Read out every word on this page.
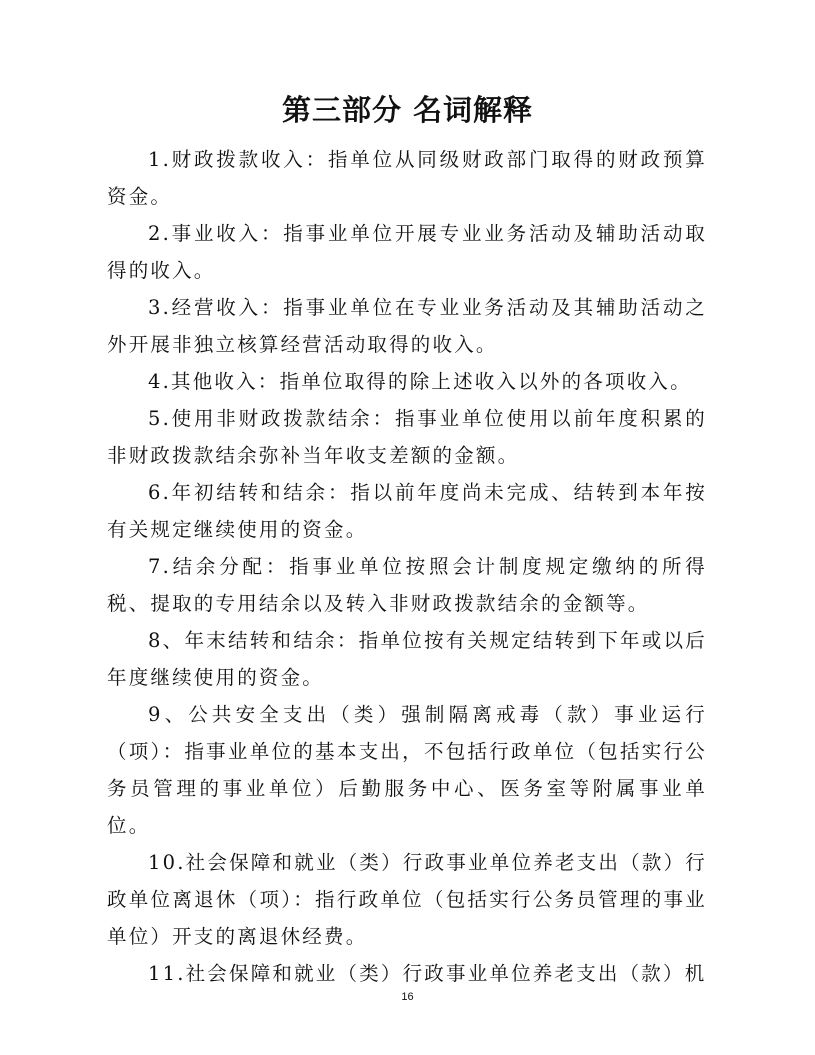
第三部分 名词解释

1.财政拨款收入：指单位从同级财政部门取得的财政预算资金。

2.事业收入：指事业单位开展专业业务活动及辅助活动取得的收入。

3.经营收入：指事业单位在专业业务活动及其辅助活动之外开展非独立核算经营活动取得的收入。

4.其他收入：指单位取得的除上述收入以外的各项收入。

5.使用非财政拨款结余：指事业单位使用以前年度积累的非财政拨款结余弥补当年收支差额的金额。

6.年初结转和结余：指以前年度尚未完成、结转到本年按有关规定继续使用的资金。

7.结余分配：指事业单位按照会计制度规定缴纳的所得税、提取的专用结余以及转入非财政拨款结余的金额等。

8、年末结转和结余：指单位按有关规定结转到下年或以后年度继续使用的资金。

9、公共安全支出（类）强制隔离戒毒（款）事业运行（项）：指事业单位的基本支出，不包括行政单位（包括实行公务员管理的事业单位）后勤服务中心、医务室等附属事业单位。

10.社会保障和就业（类）行政事业单位养老支出（款）行政单位离退休（项）：指行政单位（包括实行公务员管理的事业单位）开支的离退休经费。

11.社会保障和就业（类）行政事业单位养老支出（款）机

16
